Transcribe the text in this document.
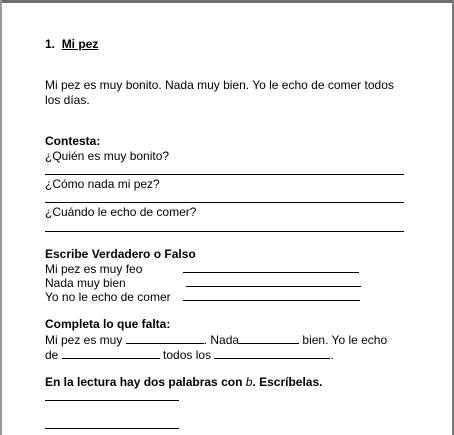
1. Mi pez
Mi pez es muy bonito. Nada muy bien. Yo le echo de comer todos
los días.
Contesta:
¿Quién es muy bonito?
¿Cómo nada mi pez?
¿Cuándo le echo de comer?
Escribe Verdadero o Falso
Mi pez es muy feo
Nada muy bien
Yo no le echo de comer
Completa lo que falta:
Mi pez es muy	. Nada	bien. Yo le echo
de	todos los	.
En la lectura hay dos palabras con b. Escríbelas.
